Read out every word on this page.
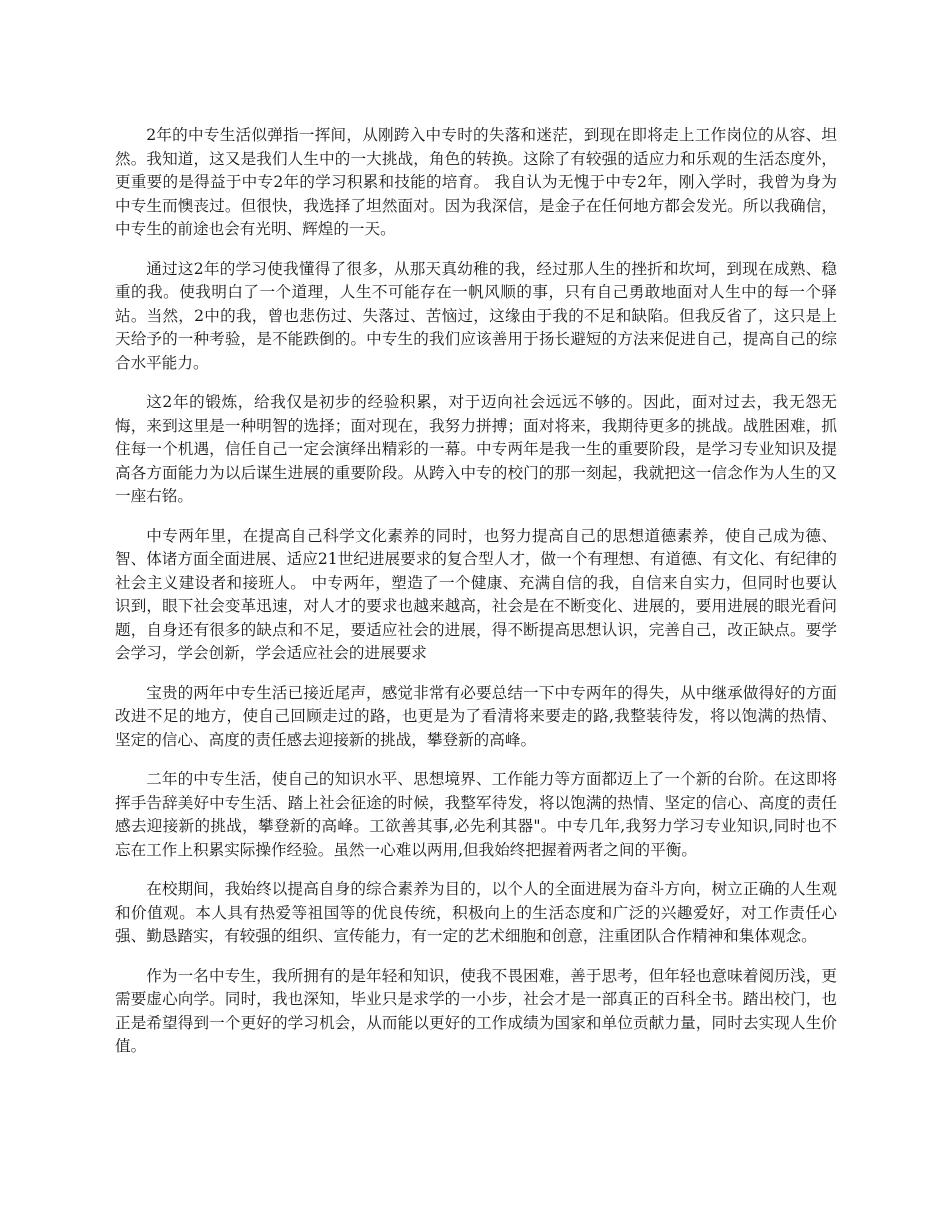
2年的中专生活似弹指一挥间，从刚跨入中专时的失落和迷茫，到现在即将走上工作岗位的从容、坦然。我知道，这又是我们人生中的一大挑战，角色的转换。这除了有较强的适应力和乐观的生活态度外，更重要的是得益于中专2年的学习积累和技能的培育。 我自认为无愧于中专2年，刚入学时，我曾为身为中专生而懊丧过。但很快，我选择了坦然面对。因为我深信，是金子在任何地方都会发光。所以我确信，中专生的前途也会有光明、辉煌的一天。

通过这2年的学习使我懂得了很多，从那天真幼稚的我，经过那人生的挫折和坎坷，到现在成熟、稳重的我。使我明白了一个道理，人生不可能存在一帆风顺的事，只有自己勇敢地面对人生中的每一个驿站。当然，2中的我，曾也悲伤过、失落过、苦恼过，这缘由于我的不足和缺陷。但我反省了，这只是上天给予的一种考验，是不能跌倒的。中专生的我们应该善用于扬长避短的方法来促进自己，提高自己的综合水平能力。

这2年的锻炼，给我仅是初步的经验积累，对于迈向社会远远不够的。因此，面对过去，我无怨无悔，来到这里是一种明智的选择；面对现在，我努力拼搏；面对将来，我期待更多的挑战。战胜困难，抓住每一个机遇，信任自己一定会演绎出精彩的一幕。中专两年是我一生的重要阶段，是学习专业知识及提高各方面能力为以后谋生进展的重要阶段。从跨入中专的校门的那一刻起，我就把这一信念作为人生的又一座右铭。

中专两年里，在提高自己科学文化素养的同时，也努力提高自己的思想道德素养，使自己成为德、智、体诸方面全面进展、适应21世纪进展要求的复合型人才，做一个有理想、有道德、有文化、有纪律的社会主义建设者和接班人。 中专两年，塑造了一个健康、充满自信的我，自信来自实力，但同时也要认识到，眼下社会变革迅速，对人才的要求也越来越高，社会是在不断变化、进展的，要用进展的眼光看问题，自身还有很多的缺点和不足，要适应社会的进展，得不断提高思想认识，完善自己，改正缺点。要学会学习，学会创新，学会适应社会的进展要求

宝贵的两年中专生活已接近尾声，感觉非常有必要总结一下中专两年的得失，从中继承做得好的方面改进不足的地方，使自己回顾走过的路，也更是为了看清将来要走的路,我整装待发，将以饱满的热情、坚定的信心、高度的责任感去迎接新的挑战，攀登新的高峰。

二年的中专生活，使自己的知识水平、思想境界、工作能力等方面都迈上了一个新的台阶。在这即将挥手告辞美好中专生活、踏上社会征途的时候，我整军待发，将以饱满的热情、坚定的信心、高度的责任感去迎接新的挑战，攀登新的高峰。工欲善其事,必先利其器"。中专几年,我努力学习专业知识,同时也不忘在工作上积累实际操作经验。虽然一心难以两用,但我始终把握着两者之间的平衡。

在校期间，我始终以提高自身的综合素养为目的，以个人的全面进展为奋斗方向，树立正确的人生观和价值观。本人具有热爱等祖国等的优良传统，积极向上的生活态度和广泛的兴趣爱好，对工作责任心强、勤恳踏实，有较强的组织、宣传能力，有一定的艺术细胞和创意，注重团队合作精神和集体观念。

作为一名中专生，我所拥有的是年轻和知识，使我不畏困难，善于思考，但年轻也意味着阅历浅，更需要虚心向学。同时，我也深知，毕业只是求学的一小步，社会才是一部真正的百科全书。踏出校门，也正是希望得到一个更好的学习机会，从而能以更好的工作成绩为国家和单位贡献力量，同时去实现人生价值。
